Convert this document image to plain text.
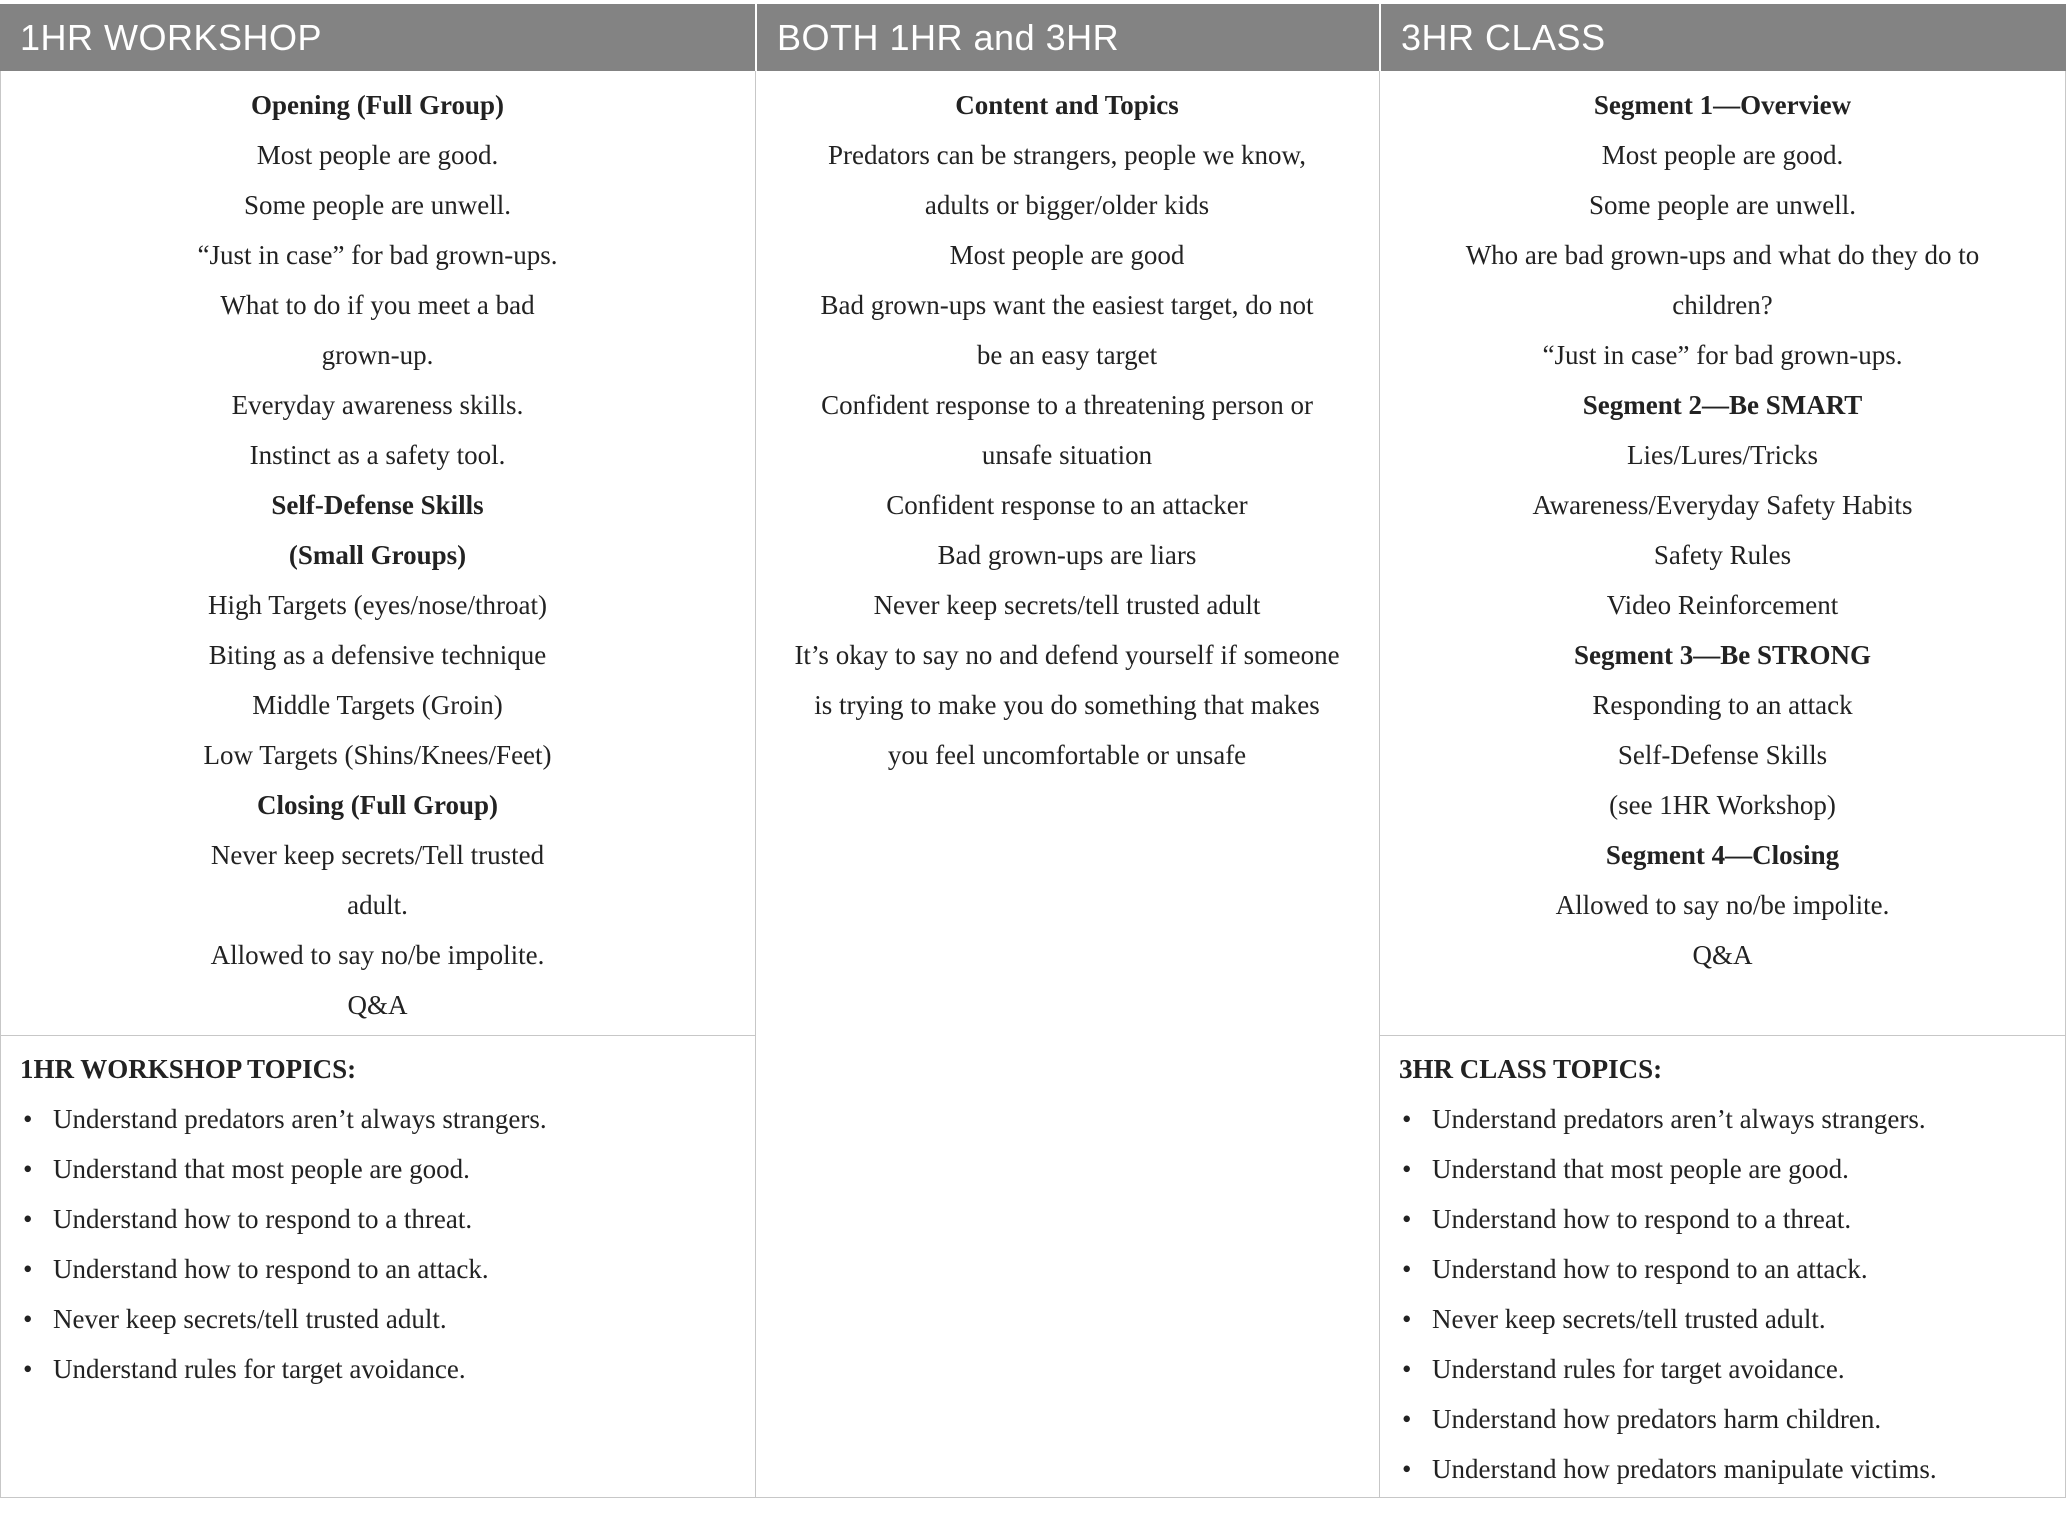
1HR WORKSHOP	BOTH 1HR and 3HR	3HR CLASS
Opening (Full Group)
Most people are good.
Some people are unwell.
“Just in case” for bad grown-ups.
What to do if you meet a bad
grown-up.
Everyday awareness skills.
Instinct as a safety tool.
Self-Defense Skills
(Small Groups)
High Targets (eyes/nose/throat)
Biting as a defensive technique
Middle Targets (Groin)
Low Targets (Shins/Knees/Feet)
Closing (Full Group)
Never keep secrets/Tell trusted
adult.
Allowed to say no/be impolite.
Q&A
Content and Topics
Predators can be strangers, people we know,
adults or bigger/older kids
Most people are good
Bad grown-ups want the easiest target, do not
be an easy target
Confident response to a threatening person or
unsafe situation
Confident response to an attacker
Bad grown-ups are liars
Never keep secrets/tell trusted adult
It’s okay to say no and defend yourself if someone
is trying to make you do something that makes
you feel uncomfortable or unsafe
Segment 1—Overview
Most people are good.
Some people are unwell.
Who are bad grown-ups and what do they do to
children?
“Just in case” for bad grown-ups.
Segment 2—Be SMART
Lies/Lures/Tricks
Awareness/Everyday Safety Habits
Safety Rules
Video Reinforcement
Segment 3—Be STRONG
Responding to an attack
Self-Defense Skills
(see 1HR Workshop)
Segment 4—Closing
Allowed to say no/be impolite.
Q&A
1HR WORKSHOP TOPICS:
• Understand predators aren’t always strangers.
• Understand that most people are good.
• Understand how to respond to a threat.
• Understand how to respond to an attack.
• Never keep secrets/tell trusted adult.
• Understand rules for target avoidance.
3HR CLASS TOPICS:
• Understand predators aren’t always strangers.
• Understand that most people are good.
• Understand how to respond to a threat.
• Understand how to respond to an attack.
• Never keep secrets/tell trusted adult.
• Understand rules for target avoidance.
• Understand how predators harm children.
• Understand how predators manipulate victims.
